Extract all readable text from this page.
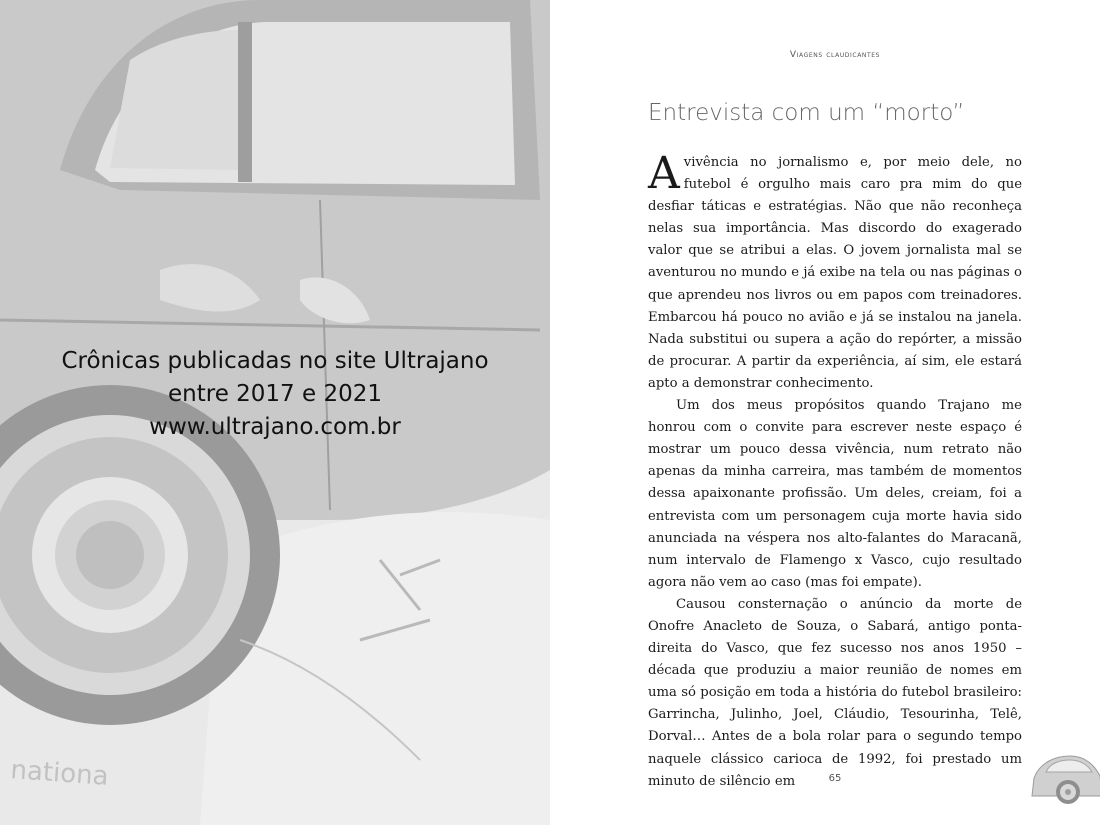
nationa
Crônicas publicadas no site Ultrajano
entre 2017 e 2021
www.ultrajano.com.br
Viagens claudicantes
Entrevista com um “morto”

A vivência no jornalismo e, por meio dele, no futebol é orgulho mais caro pra mim do que desfiar táticas e estratégias. Não que não reconheça nelas sua importância. Mas discordo do exagerado valor que se atribui a elas. O jovem jornalista mal se aventurou no mundo e já exibe na tela ou nas páginas o que aprendeu nos livros ou em papos com treinadores. Embarcou há pouco no avião e já se instalou na janela. Nada substitui ou supera a ação do repórter, a missão de procurar. A partir da experiência, aí sim, ele estará apto a demonstrar conhecimento.

Um dos meus propósitos quando Trajano me honrou com o convite para escrever neste espaço é mostrar um pouco dessa vivência, num retrato não apenas da minha carreira, mas também de momentos dessa apaixonante profissão. Um deles, creiam, foi a entrevista com um personagem cuja morte havia sido anunciada na véspera nos alto-falantes do Maracanã, num intervalo de Flamengo x Vasco, cujo resultado agora não vem ao caso (mas foi empate).

Causou consternação o anúncio da morte de Onofre Anacleto de Souza, o Sabará, antigo ponta-direita do Vasco, que fez sucesso nos anos 1950 – década que produziu a maior reunião de nomes em uma só posição em toda a história do futebol brasileiro: Garrincha, Julinho, Joel, Cláudio, Tesourinha, Telê, Dorval… Antes de a bola rolar para o segundo tempo naquele clássico carioca de 1992, foi prestado um minuto de silêncio em	65
